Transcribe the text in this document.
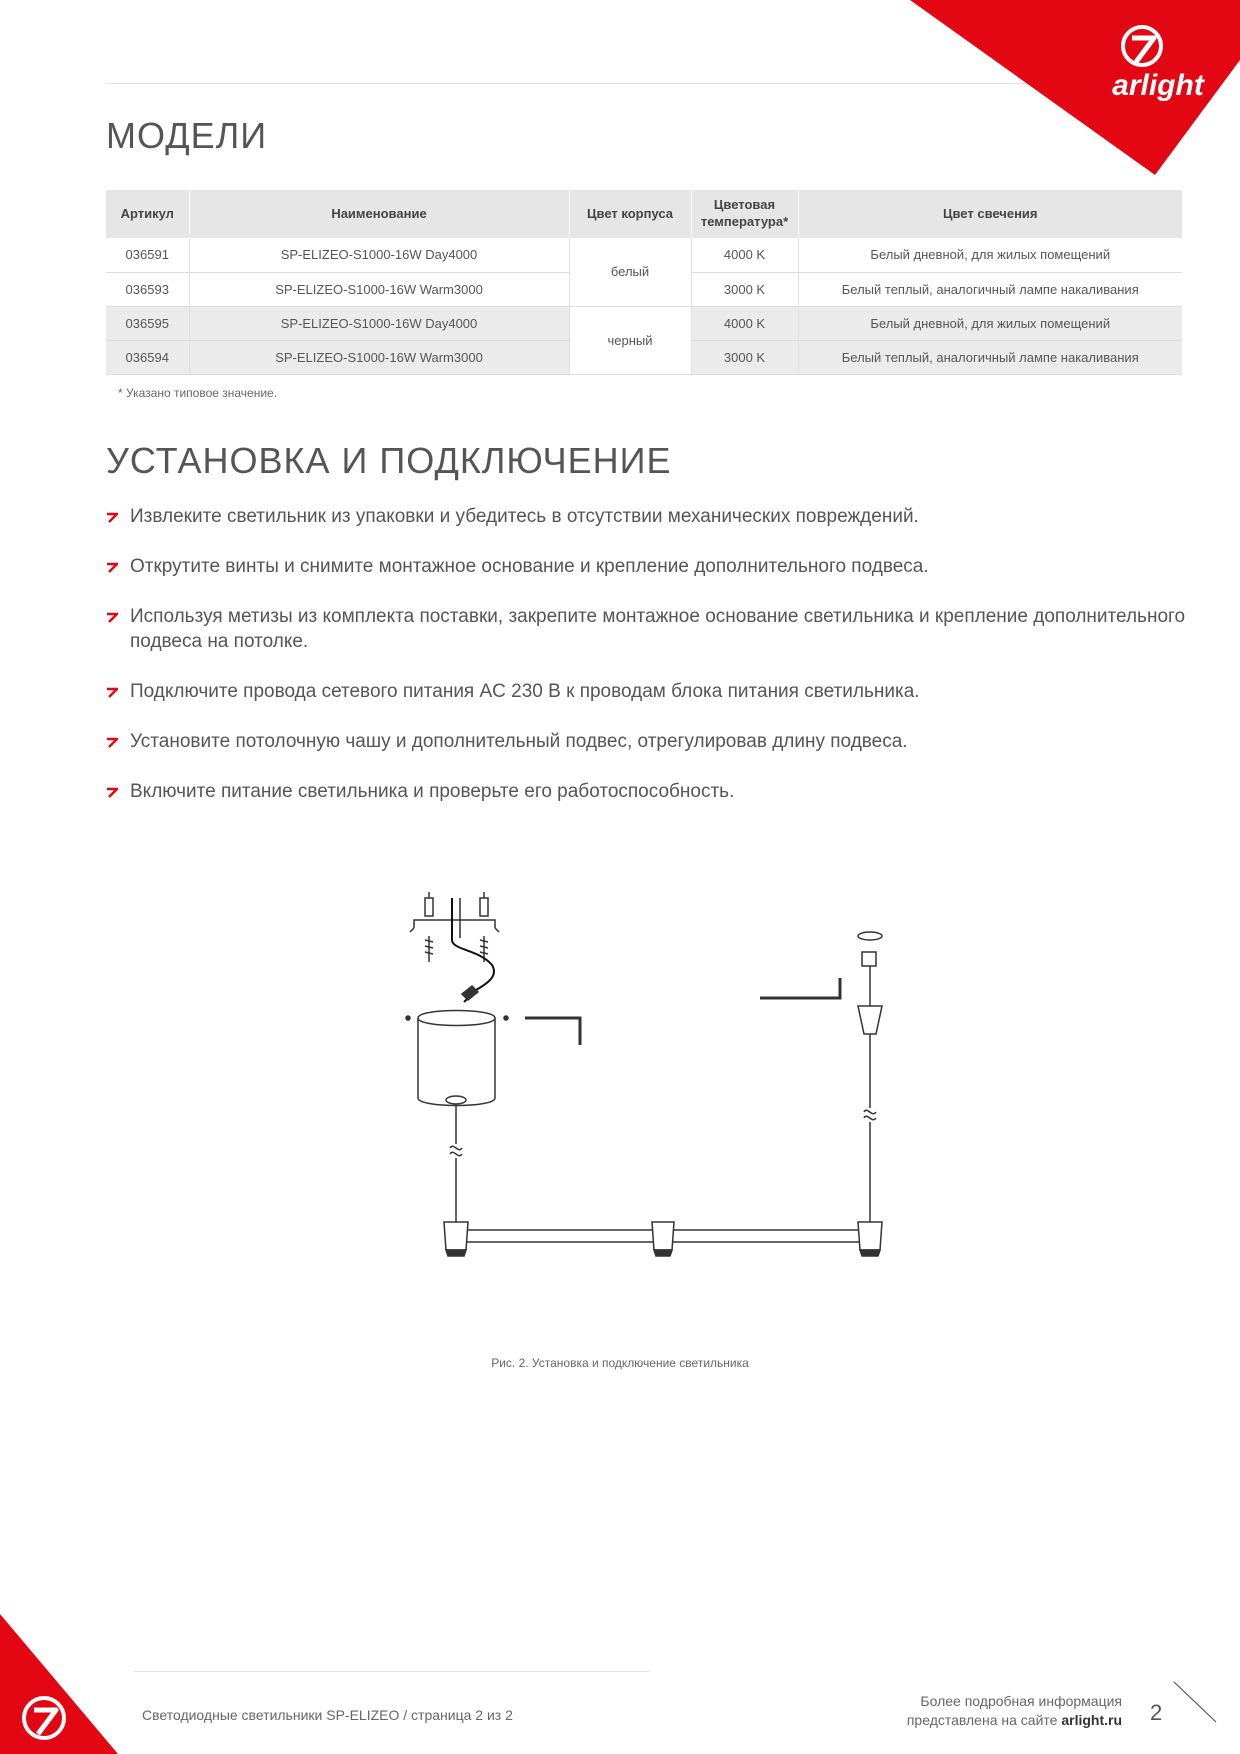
arlight
МОДЕЛИ
Артикул	Наименование	Цвет корпуса	Цветовая
температура*	Цвет свечения
036591	SP-ELIZEO-S1000-16W Day4000	белый	4000 K	Белый дневной, для жилых помещений
036593	SP-ELIZEO-S1000-16W Warm3000		3000 K	Белый теплый, аналогичный лампе накаливания
036595	SP-ELIZEO-S1000-16W Day4000	черный	4000 K	Белый дневной, для жилых помещений
036594	SP-ELIZEO-S1000-16W Warm3000		3000 K	Белый теплый, аналогичный лампе накаливания
* Указано типовое значение.
УСТАНОВКА И ПОДКЛЮЧЕНИЕ
Извлеките светильник из упаковки и убедитесь в отсутствии механических повреждений.
Открутите винты и снимите монтажное основание и крепление дополнительного подвеса.
Используя метизы из комплекта поставки, закрепите монтажное основание светильника и крепление дополнительного подвеса на потолке.
Подключите провода сетевого питания AC 230 В к проводам блока питания светильника.
Установите потолочную чашу и дополнительный подвес, отрегулировав длину подвеса.
Включите питание светильника и проверьте его работоспособность.
Рис. 2. Установка и подключение светильника
Светодиодные светильники SP-ELIZEO / страница 2 из 2
Более подробная информация
представлена на сайте arlight.ru 2
